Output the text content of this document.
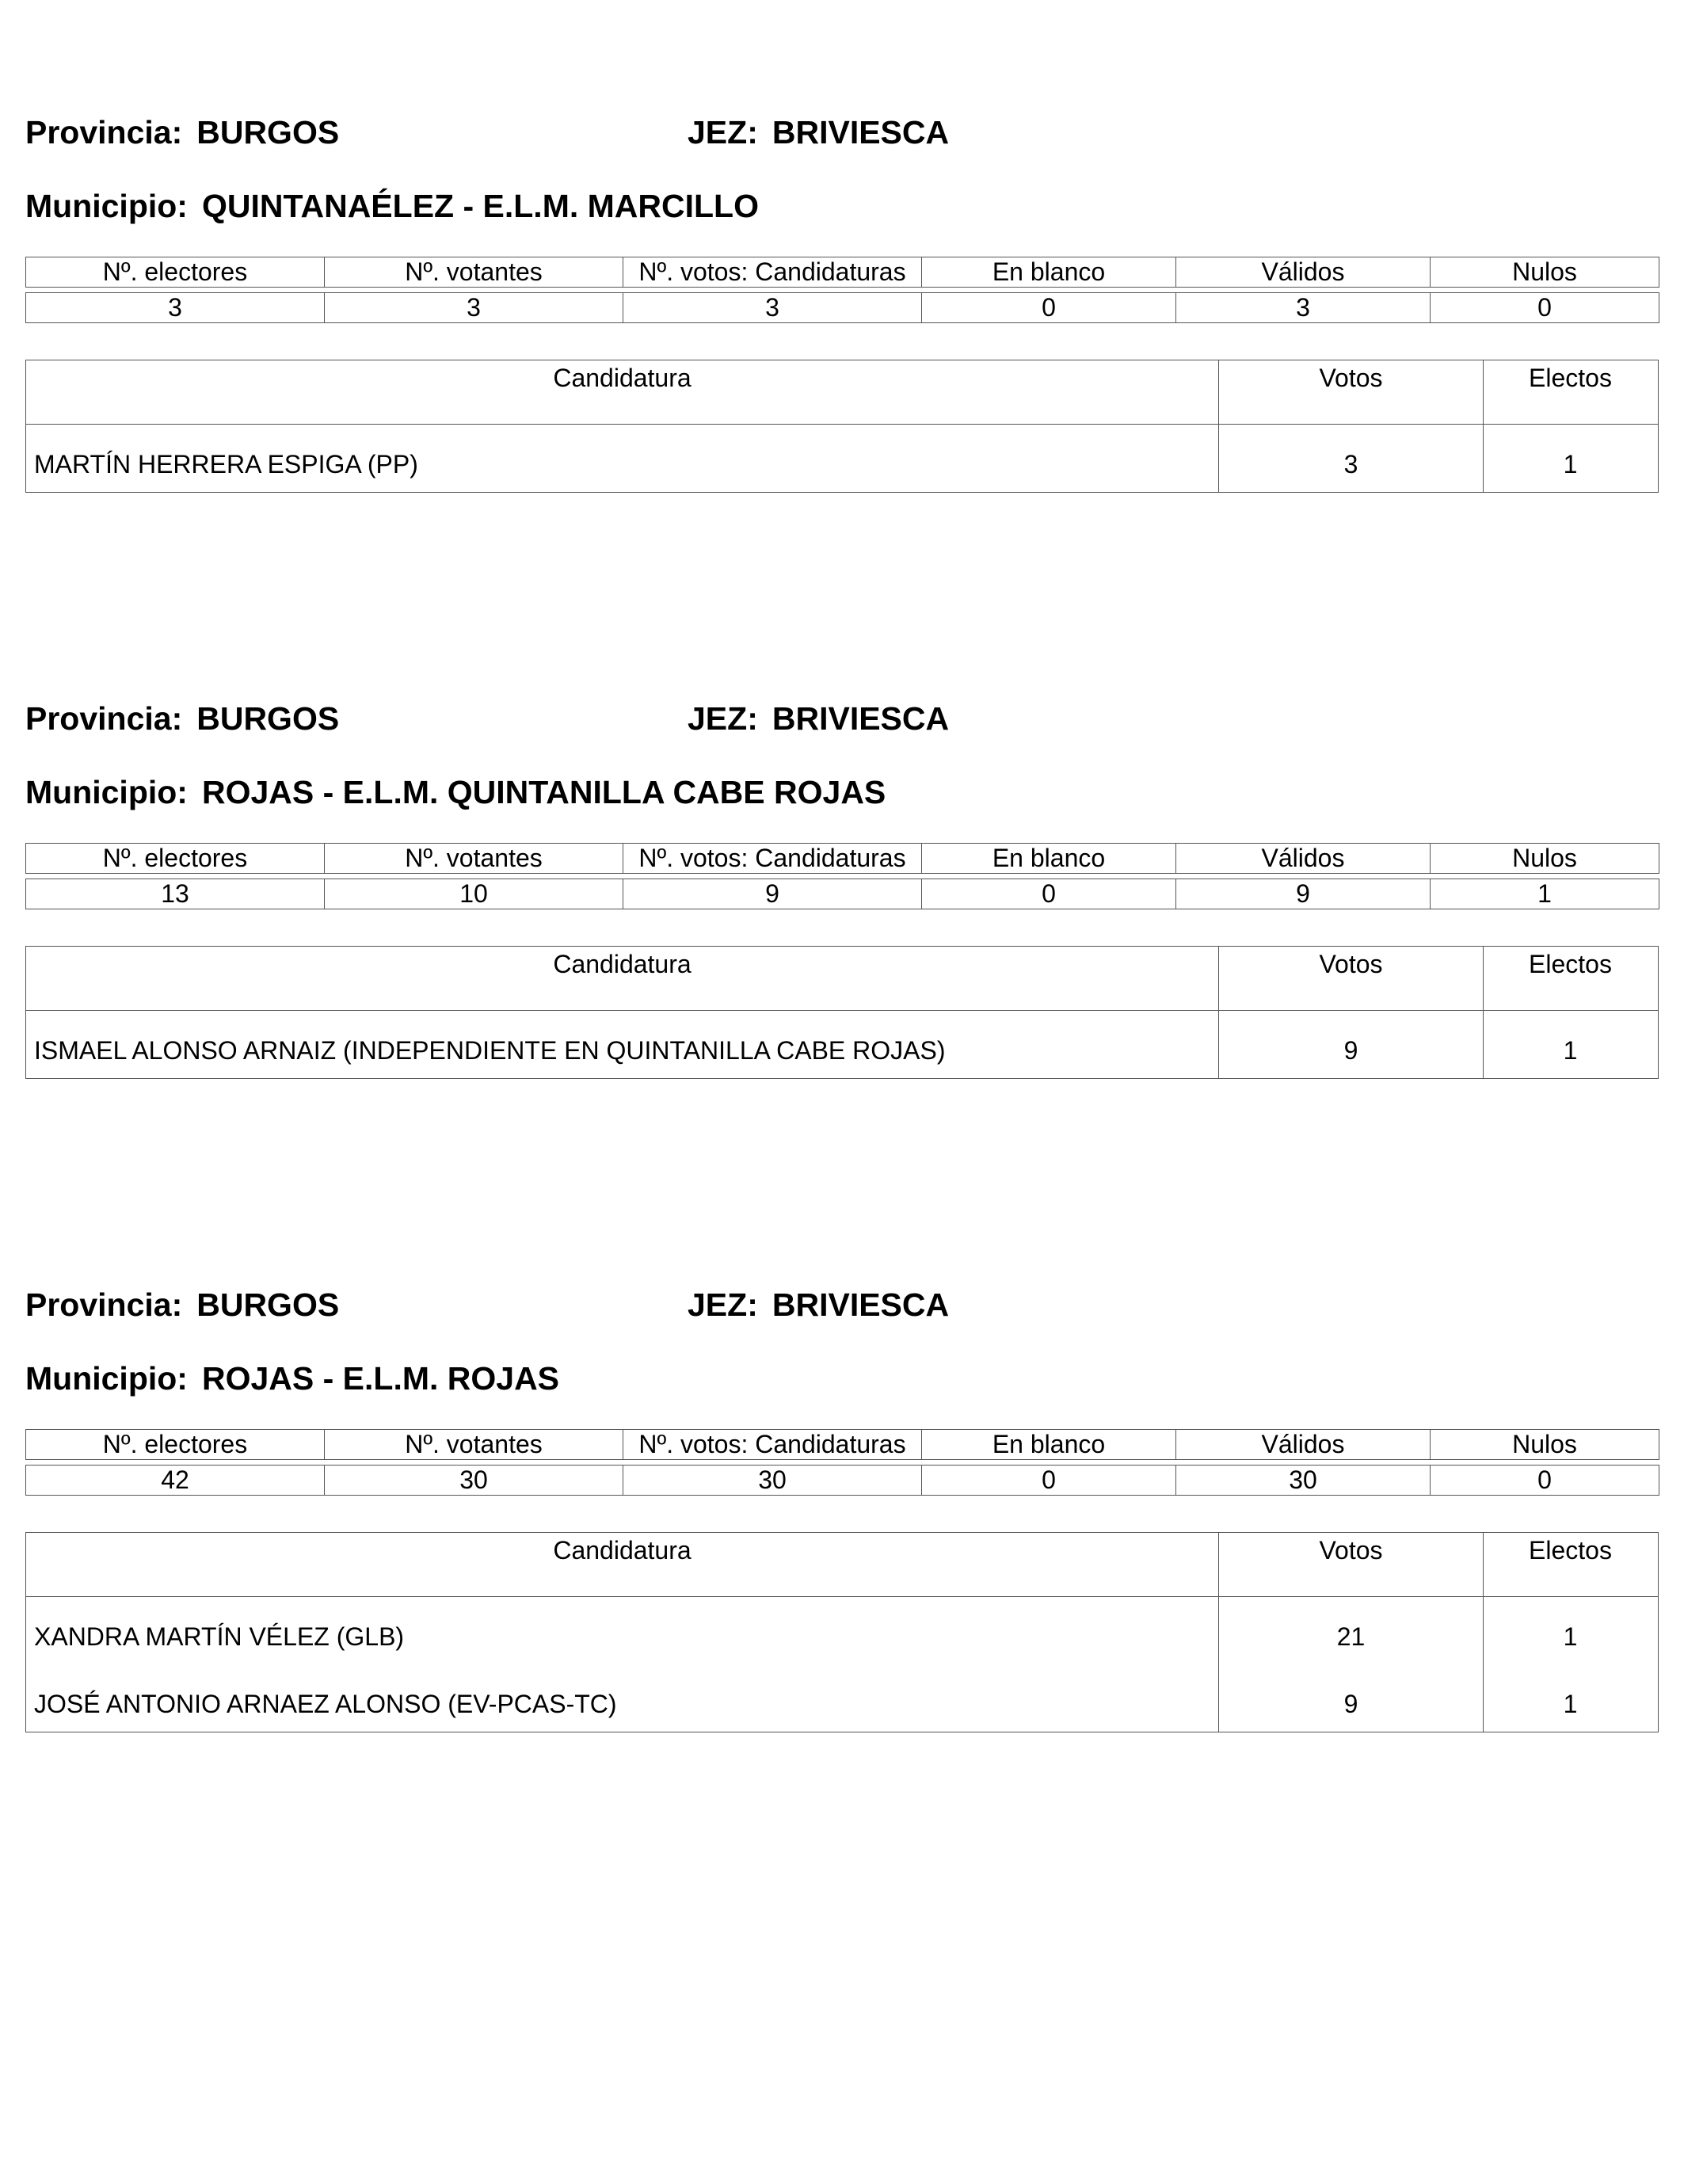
Provincia: BURGOS	JEZ: BRIVIESCA
Municipio: QUINTANAÉLEZ - E.L.M. MARCILLO
Nº. electores	Nº. votantes	Nº. votos: Candidaturas	En blanco	Válidos	Nulos

3	3	3	0	3	0
Candidatura	Votos	Electos
MARTÍN HERRERA ESPIGA (PP)	3	1
Provincia: BURGOS	JEZ: BRIVIESCA
Municipio: ROJAS - E.L.M. QUINTANILLA CABE ROJAS
Nº. electores	Nº. votantes	Nº. votos: Candidaturas	En blanco	Válidos	Nulos

13	10	9	0	9	1
Candidatura	Votos	Electos
ISMAEL ALONSO ARNAIZ (INDEPENDIENTE EN QUINTANILLA CABE ROJAS)	9	1
Provincia: BURGOS	JEZ: BRIVIESCA
Municipio: ROJAS - E.L.M. ROJAS
Nº. electores	Nº. votantes	Nº. votos: Candidaturas	En blanco	Válidos	Nulos

42	30	30	0	30	0
Candidatura	Votos	Electos
XANDRA MARTÍN VÉLEZ (GLB)	21	1
JOSÉ ANTONIO ARNAEZ ALONSO (EV-PCAS-TC)	9	1
